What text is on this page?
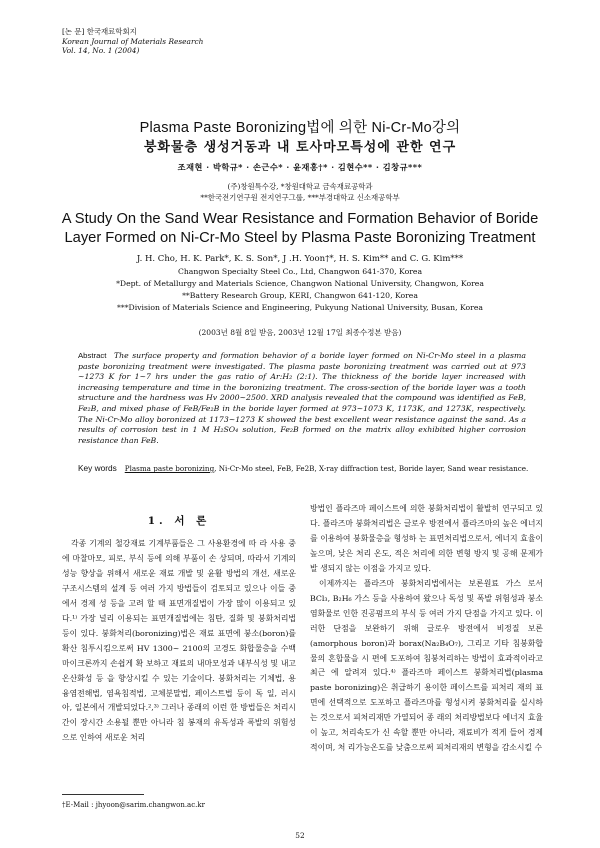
[논 문] 한국재료학회지
Korean Journal of Materials Research
Vol. 14, No. 1 (2004)
Plasma Paste Boronizing법에 의한 Ni-Cr-Mo강의
붕화물층 생성거동과 내 토사마모특성에 관한 연구
조재현 · 박학규* · 손근수* · 윤재홍†* · 김현수** · 김창규***
(주)창원특수강, *창원대학교 금속재료공학과
**한국전기연구원 전지연구그룹, ***부경대학교 신소재공학부
A Study On the Sand Wear Resistance and Formation Behavior of Boride
Layer Formed on Ni-Cr-Mo Steel by Plasma Paste Boronizing Treatment
J. H. Cho, H. K. Park*, K. S. Son*, J .H. Yoon†*, H. S. Kim** and C. G. Kim***
Changwon Specialty Steel Co., Ltd, Changwon 641-370, Korea
*Dept. of Metallurgy and Materials Science, Changwon National University, Changwon, Korea
**Battery Research Group, KERI, Changwon 641-120, Korea
***Division of Materials Science and Engineering, Pukyung National University, Busan, Korea
(2003년 8월 8일 받음, 2003년 12월 17일 최종수정본 받음)
Abstract The surface property and formation behavior of a boride layer formed on Ni-Cr-Mo steel in a plasma paste boronizing treatment were investigated. The plasma paste boronizing treatment was carried out at 973 ~1273 K for 1~7 hrs under the gas ratio of Ar:H₂ (2:1). The thickness of the boride layer increased with increasing temperature and time in the boronizing treatment. The cross-section of the boride layer was a tooth structure and the hardness was Hv 2000~2500. XRD analysis revealed that the compound was identified as FeB, Fe₂B, and mixed phase of FeB/Fe₂B in the boride layer formed at 973~1073 K, 1173K, and 1273K, respectively. The Ni-Cr-Mo alloy boronized at 1173~1273 K showed the best excellent wear resistance against the sand. As a results of corrosion test in 1 M H₂SO₄ solution, Fe₂B formed on the matrix alloy exhibited higher corrosion resistance than FeB.
Key words Plasma paste boronizing, Ni-Cr-Mo steel, FeB, Fe2B, X-ray diffraction test, Boride layer, Sand wear resistance.
1. 서 론

각종 기계의 철강재료 기계부품들은 그 사용환경에 따 라 사용 중에 마찰마모, 피로, 부식 등에 의해 부품이 손 상되며, 따라서 기계의 성능 향상을 위해서 새로운 재료 개발 및 윤활 방법의 개선, 새로운 구조시스템의 설계 등 여러 가지 방법들이 검토되고 있으나 이들 중에서 경제 성 등을 고려 할 때 표면개질법이 가장 많이 이용되고 있다.¹⁾ 가장 널리 이용되는 표면개질법에는 침탄, 질화 및 붕화처리법 등이 있다. 붕화처리(boronizing)법은 재료 표면에 붕소(boron)를 확산 침투시킴으로써 HV 1300~ 2100의 고경도 화합물층을 수백 마이크론까지 손쉽게 확 보하고 재료의 내마모성과 내부식성 및 내고온산화성 등 을 향상시킬 수 있는 기술이다. 붕화처리는 기체법, 용 융염전해법, 염욕침적법, 고체분말법, 페이스트법 등이 독 일, 러시아, 일본에서 개발되었다.²,³⁾ 그러나 종래의 이런 한 방법들은 처리시간이 장시간 소용될 뿐만 아니라 침 봉재의 유독성과 폭발의 위험성으로 인하여 새로운 처리

방법인 플라즈마 페이스트에 의한 붕화처리법이 활발히 연구되고 있다. 플라즈마 붕화처리법은 글로우 방전에서 플라즈마의 높은 에너지를 이용하여 붕화물층을 형성하 는 표면처리법으로서, 에너지 효율이 높으며, 낮은 처리 온도, 적은 처리에 의한 변형 방지 및 공해 문제가 발 생되지 않는 이점을 가지고 있다.

이제까지는 플라즈마 붕화처리법에서는 보론원료 가스 로서 BCl₃, B₂H₆ 가스 등을 사용하여 왔으나 독성 및 폭발 위험성과 붕소 염화물로 인한 진공펌프의 부식 등 여러 가지 단점을 가지고 있다. 이러한 단점을 보완하기 위해 글로우 방전에서 비정질 보론(amorphous boron)과 borax(Na₂B₄O₇), 그리고 기타 침붕화합물의 혼합물을 시 편에 도포하여 침붕처리하는 방법이 효과적이라고 최근 에 알려져 있다.⁴⁾ 플라즈마 페이스트 붕화처리법(plasma paste boronizing)은 취급하기 용이한 페이스트를 피처리 재의 표면에 선택적으로 도포하고 플라즈마를 형성시켜 붕화처리를 실시하는 것으로서 피처리재만 가열되어 종 래의 처리방법보다 에너지 효율이 높고, 처리속도가 신 속할 뿐만 아니라, 재료비가 적게 들어 경제적이며, 처 리가능온도를 낮춤으로써 피처리재의 변형을 감소시킬 수

†E-Mail : jhyoon@sarim.changwon.ac.kr
52
